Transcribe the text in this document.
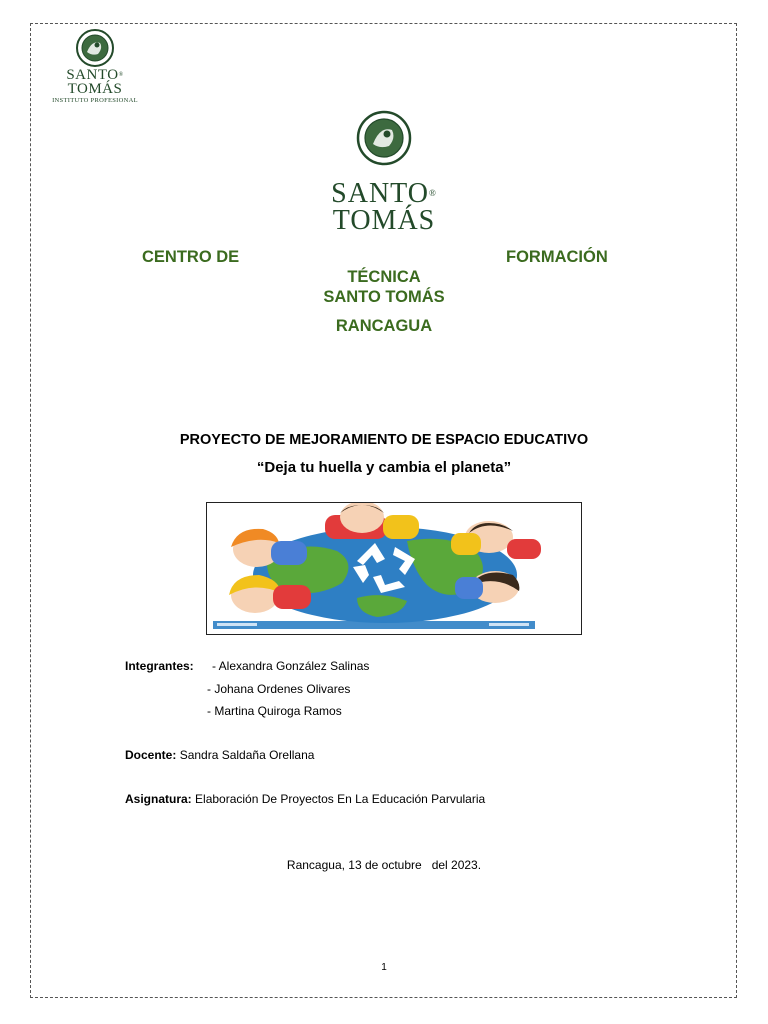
SANTO®
TOMÁS
INSTITUTO PROFESIONAL
SANTO®
TOMÁS
CENTRO DE	FORMACIÓN
TÉCNICA
SANTO TOMÁS
RANCAGUA
PROYECTO DE MEJORAMIENTO DE ESPACIO EDUCATIVO
“Deja tu huella y cambia el planeta”
Integrantes: - Alexandra González Salinas
- Johana Ordenes Olivares
- Martina Quiroga Ramos
Docente: Sandra Saldaña Orellana
Asignatura: Elaboración De Proyectos En La Educación Parvularia
Rancagua, 13 de octubre   del 2023.
1
